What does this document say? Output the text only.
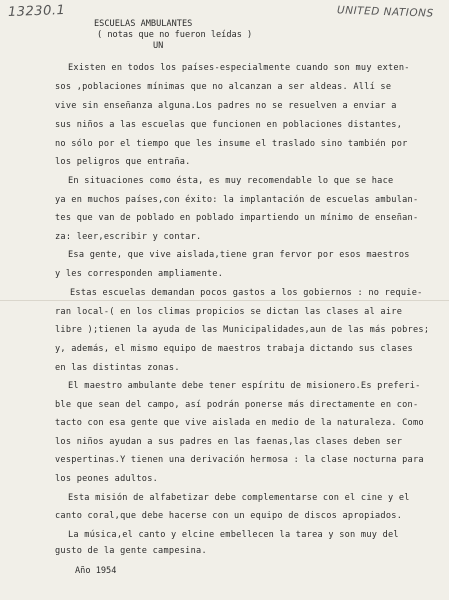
13230.1	UNITED NATIONS
ESCUELAS AMBULANTES
( notas que no fueron leídas )
UN
Existen en todos los países-especialmente cuando son muy exten-
sos ,poblaciones mínimas que no alcanzan a ser aldeas. Allí se
vive sin enseñanza alguna.Los padres no se resuelven a enviar a
sus niños a las escuelas que funcionen en poblaciones distantes,
no sólo por el tiempo que les insume el traslado sino también por
los peligros que entraña.
En situaciones como ésta, es muy recomendable lo que se hace
ya en muchos países,con éxito: la implantación de escuelas ambulan-
tes que van de poblado en poblado impartiendo un mínimo de enseñan-
za: leer,escribir y contar.
Esa gente, que vive aislada,tiene gran fervor por esos maestros
y les corresponden ampliamente.
Estas escuelas demandan pocos gastos a los gobiernos : no requie-
ran local-( en los climas propicios se dictan las clases al aire
libre );tienen la ayuda de las Municipalidades,aun de las más pobres;
y, además, el mismo equipo de maestros trabaja dictando sus clases
en las distintas zonas.
El maestro ambulante debe tener espíritu de misionero.Es preferi-
ble que sean del campo, así podrán ponerse más directamente en con-
tacto con esa gente que vive aislada en medio de la naturaleza. Como
los niños ayudan a sus padres en las faenas,las clases deben ser
vespertinas.Y tienen una derivación hermosa : la clase nocturna para
los peones adultos.
Esta misión de alfabetizar debe complementarse con el cine y el
canto coral,que debe hacerse con un equipo de discos apropiados.
La música,el canto y elcine embellecen la tarea y son muy del
gusto de la gente campesina.
Año 1954
